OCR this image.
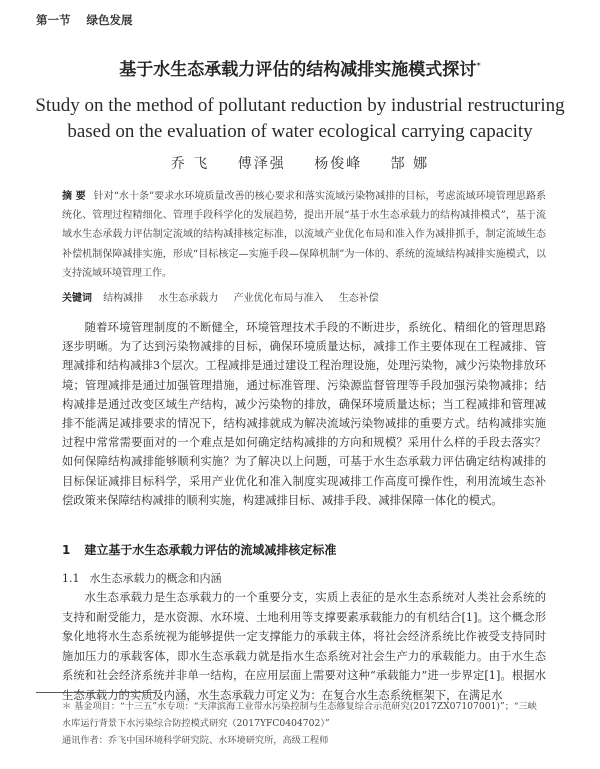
第一节 绿色发展
基于水生态承载力评估的结构减排实施模式探讨*
Study on the method of pollutant reduction by industrial restructuring
based on the evaluation of water ecological carrying capacity
乔 飞 傅泽强 杨俊峰 郜 娜
摘 要 针对“水十条”要求水环境质量改善的核心要求和落实流域污染物减排的目标，考虑流域环境管理思路系统化、管理过程精细化、管理手段科学化的发展趋势，提出开展“基于水生态承载力的结构减排模式”，基于流域水生态承载力评估制定流域的结构减排核定标准，以流域产业优化布局和准入作为减排抓手，制定流域生态补偿机制保障减排实施，形成“目标核定—实施手段—保障机制”为一体的、系统的流域结构减排实施模式，以支持流域环境管理工作。
关键词 结构减排 水生态承载力 产业优化布局与准入 生态补偿
随着环境管理制度的不断健全，环境管理技术手段的不断进步，系统化、精细化的管理思路逐步明晰。为了达到污染物减排的目标，确保环境质量达标，减排工作主要体现在工程减排、管理减排和结构减排3个层次。工程减排是通过建设工程治理设施，处理污染物，减少污染物排放环境；管理减排是通过加强管理措施，通过标准管理、污染源监督管理等手段加强污染物减排；结构减排是通过改变区域生产结构，减少污染物的排放，确保环境质量达标；当工程减排和管理减排不能满足减排要求的情况下，结构减排就成为解决流域污染物减排的重要方式。结构减排实施过程中常常需要面对的一个难点是如何确定结构减排的方向和规模？采用什么样的手段去落实？如何保障结构减排能够顺利实施？为了解决以上问题，可基于水生态承载力评估确定结构减排的目标保证减排目标科学，采用产业优化和准入制度实现减排工作高度可操作性，利用流域生态补偿政策来保障结构减排的顺利实施，构建减排目标、减排手段、减排保障一体化的模式。
1 建立基于水生态承载力评估的流域减排核定标准
1.1 水生态承载力的概念和内涵
水生态承载力是生态承载力的一个重要分支，实质上表征的是水生态系统对人类社会系统的支持和耐受能力，是水资源、水环境、土地利用等支撑要素承载能力的有机结合[1]。这个概念形象化地将水生态系统视为能够提供一定支撑能力的承载主体，将社会经济系统比作被受支持同时施加压力的承载客体，即水生态承载力就是指水生态系统对社会生产力的承载能力。由于水生态系统和社会经济系统并非单一结构，在应用层面上需要对这种“承载能力”进一步界定[1]。根据水生态承载力的实质及内涵，水生态承载力可定义为：在复合水生态系统框架下，在满足水
＊ 基金项目：“十三五”水专项：“天津滨海工业带水污染控制与生态修复综合示范研究(2017ZX07107001)”；“三峡水库运行背景下水污染综合防控模式研究（2017YFC0404702）”
通讯作者：乔飞中国环境科学研究院、水环境研究所，高级工程师
